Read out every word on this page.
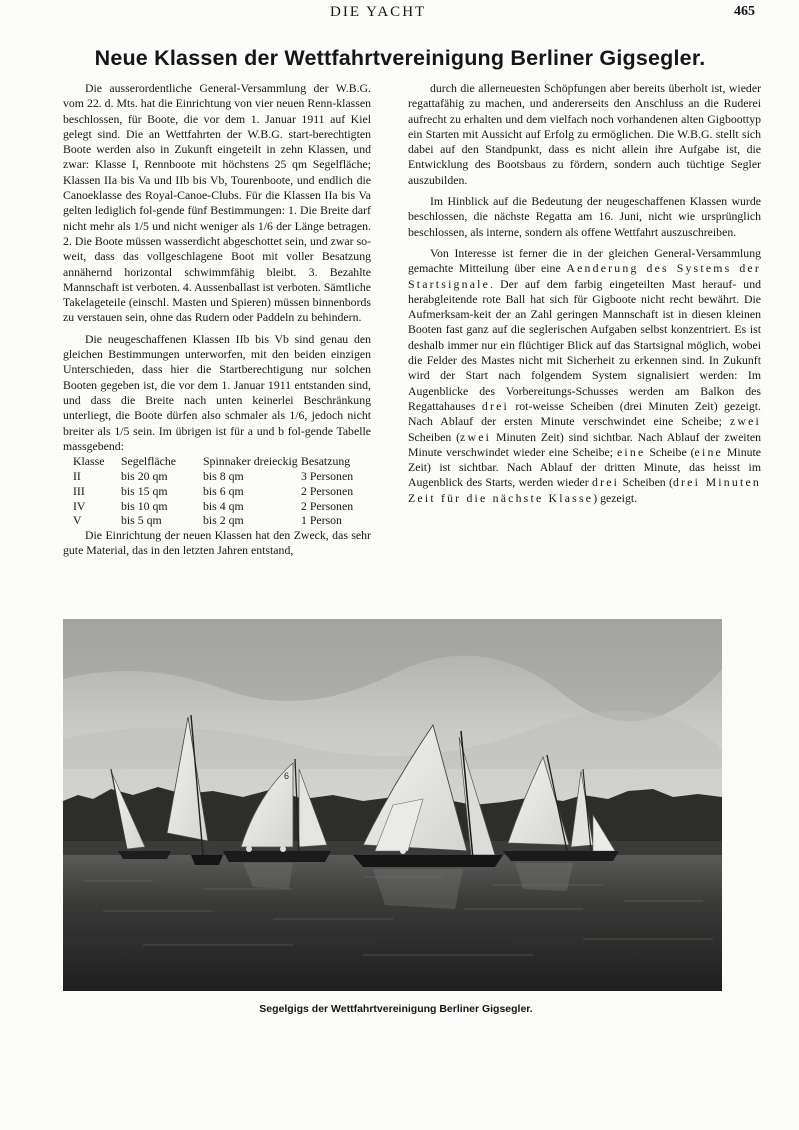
DIE YACHT	465
Neue Klassen der Wettfahrtvereinigung Berliner Gigsegler.

Die ausserordentliche General-Versammlung der W.B.G. vom 22. d. Mts. hat die Einrichtung von vier neuen Renn-klassen beschlossen, für Boote, die vor dem 1. Januar 1911 auf Kiel gelegt sind. Die an Wettfahrten der W.B.G. start-berechtigten Boote werden also in Zukunft eingeteilt in zehn Klassen, und zwar: Klasse I, Rennboote mit höchstens 25 qm Segelfläche; Klassen IIa bis Va und IIb bis Vb, Tourenboote, und endlich die Canoeklasse des Royal-Canoe-Clubs. Für die Klassen IIa bis Va gelten lediglich fol-gende fünf Bestimmungen: 1. Die Breite darf nicht mehr als 1/5 und nicht weniger als 1/6 der Länge betragen. 2. Die Boote müssen wasserdicht abgeschottet sein, und zwar so-weit, dass das vollgeschlagene Boot mit voller Besatzung annähernd horizontal schwimmfähig bleibt. 3. Bezahlte Mannschaft ist verboten. 4. Aussenballast ist verboten. Sämtliche Takelageteile (einschl. Masten und Spieren) müssen binnenbords zu verstauen sein, ohne das Rudern oder Paddeln zu behindern.

Die neugeschaffenen Klassen IIb bis Vb sind genau den gleichen Bestimmungen unterworfen, mit den beiden einzigen Unterschieden, dass hier die Startberechtigung nur solchen Booten gegeben ist, die vor dem 1. Januar 1911 entstanden sind, und dass die Breite nach unten keinerlei Beschränkung unterliegt, die Boote dürfen also schmaler als 1/6, jedoch nicht breiter als 1/5 sein. Im übrigen ist für a und b fol-gende Tabelle massgebend:

Klasse	Segelfläche	Spinnaker dreieckig	Besatzung
II	bis 20 qm	bis 8 qm	3 Personen
III	bis 15 qm	bis 6 qm	2 Personen
IV	bis 10 qm	bis 4 qm	2 Personen
V	bis 5 qm	bis 2 qm	1 Person

Die Einrichtung der neuen Klassen hat den Zweck, das sehr gute Material, das in den letzten Jahren entstand,

durch die allerneuesten Schöpfungen aber bereits überholt ist, wieder regattafähig zu machen, und andererseits den Anschluss an die Ruderei aufrecht zu erhalten und dem vielfach noch vorhandenen alten Gigboottyp ein Starten mit Aussicht auf Erfolg zu ermöglichen. Die W.B.G. stellt sich dabei auf den Standpunkt, dass es nicht allein ihre Aufgabe ist, die Entwicklung des Bootsbaus zu fördern, sondern auch tüchtige Segler auszubilden.

Im Hinblick auf die Bedeutung der neugeschaffenen Klassen wurde beschlossen, die nächste Regatta am 16. Juni, nicht wie ursprünglich beschlossen, als interne, sondern als offene Wettfahrt auszuschreiben.

Von Interesse ist ferner die in der gleichen General-Versammlung gemachte Mitteilung über eine Aenderung des Systems der Startsignale. Der auf dem farbig eingeteilten Mast herauf- und herabgleitende rote Ball hat sich für Gigboote nicht recht bewährt. Die Aufmerksam-keit der an Zahl geringen Mannschaft ist in diesen kleinen Booten fast ganz auf die seglerischen Aufgaben selbst konzentriert. Es ist deshalb immer nur ein flüchtiger Blick auf das Startsignal möglich, wobei die Felder des Mastes nicht mit Sicherheit zu erkennen sind. In Zukunft wird der Start nach folgendem System signalisiert werden: Im Augenblicke des Vorbereitungs-Schusses werden am Balkon des Regattahauses drei rot-weisse Scheiben (drei Minuten Zeit) gezeigt. Nach Ablauf der ersten Minute verschwindet eine Scheibe; zwei Scheiben (zwei Minuten Zeit) sind sichtbar. Nach Ablauf der zweiten Minute verschwindet wieder eine Scheibe; eine Scheibe (eine Minute Zeit) ist sichtbar. Nach Ablauf der dritten Minute, das heisst im Augenblick des Starts, werden wieder drei Scheiben (drei Minuten Zeit für die nächste Klasse) gezeigt.

6

Segelgigs der Wettfahrtvereinigung Berliner Gigsegler.
